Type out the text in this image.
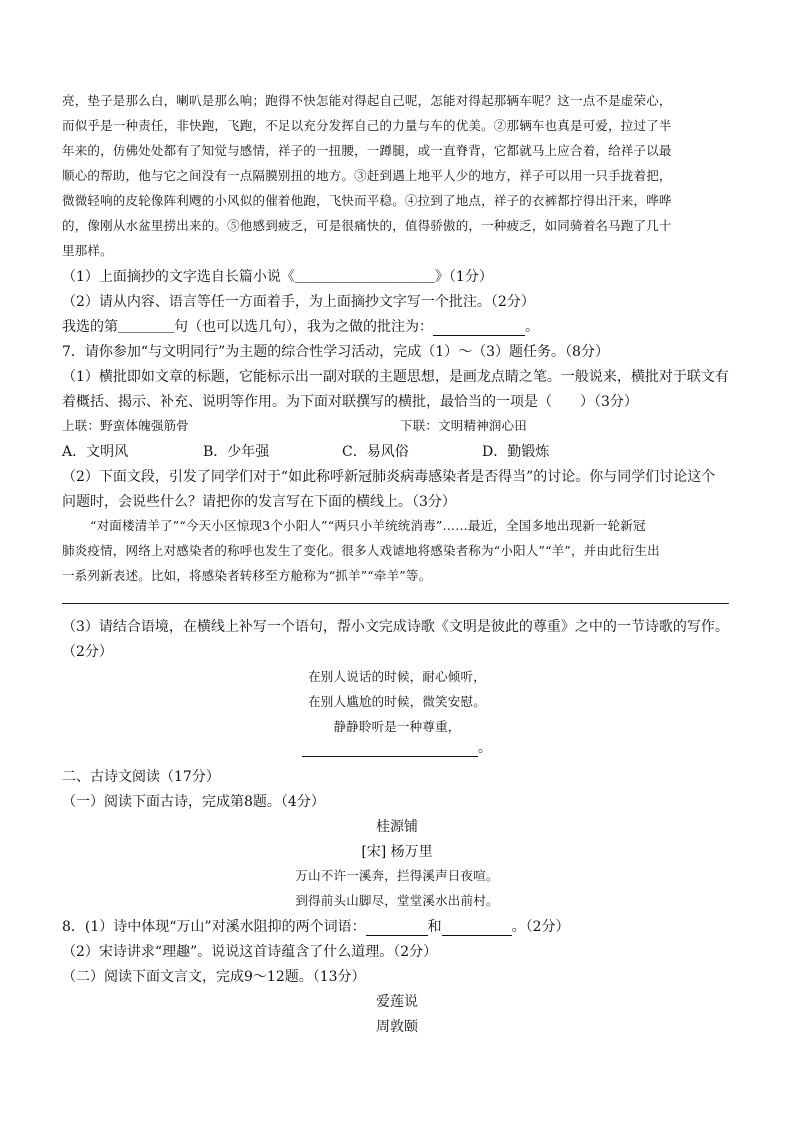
亮，垫子是那么白，喇叭是那么响；跑得不快怎能对得起自己呢，怎能对得起那辆车呢？这一点不是虚荣心，
而似乎是一种责任，非快跑，飞跑，不足以充分发挥自己的力量与车的优美。②那辆车也真是可爱，拉过了半
年来的，仿佛处处都有了知觉与感情，祥子的一扭腰，一蹲腿，或一直脊背，它都就马上应合着，给祥子以最
顺心的帮助，他与它之间没有一点隔膜别扭的地方。③赶到遇上地平人少的地方，祥子可以用一只手拢着把，
微微轻响的皮轮像阵利飕的小风似的催着他跑，飞快而平稳。④拉到了地点，祥子的衣裤都拧得出汗来，哗哗
的，像刚从水盆里捞出来的。⑤他感到疲乏，可是很痛快的，值得骄傲的，一种疲乏，如同骑着名马跑了几十
里那样。
（1）上面摘抄的文字选自长篇小说《＿＿＿＿＿＿＿＿＿＿》（1分）
（2）请从内容、语言等任一方面着手，为上面摘抄文字写一个批注。（2分）
我选的第＿＿＿＿句（也可以选几句），我为之做的批注为：	。
7．请你参加“与文明同行”为主题的综合性学习活动，完成（1）～（3）题任务。（8分）
（1）横批即如文章的标题，它能标示出一副对联的主题思想，是画龙点睛之笔。一般说来，横批对于联文有
着概括、揭示、补充、说明等作用。为下面对联撰写的横批，最恰当的一项是（　　）（3分）
上联：野蛮体魄强筋骨	下联：文明精神润心田
A．文明风	B．少年强	C．易风俗	D．勤锻炼
（2）下面文段，引发了同学们对于“如此称呼新冠肺炎病毒感染者是否得当”的讨论。你与同学们讨论这个
问题时，会说些什么？请把你的发言写在下面的横线上。（3分）
“对面楼清羊了”“今天小区惊现3个小阳人”“两只小羊统统消毒”……最近，全国多地出现新一轮新冠
肺炎疫情，网络上对感染者的称呼也发生了变化。很多人戏谑地将感染者称为“小阳人”“羊”，并由此衍生出
一系列新表述。比如，将感染者转移至方舱称为“抓羊”“牵羊”等。
（3）请结合语境，在横线上补写一个语句，帮小文完成诗歌《文明是彼此的尊重》之中的一节诗歌的写作。
（2分）
在别人说话的时候，耐心倾听，
在别人尴尬的时候，微笑安慰。
静静聆听是一种尊重，
。
二、古诗文阅读（17分）
（一）阅读下面古诗，完成第8题。（4分）
桂源铺
[宋] 杨万里
万山不许一溪奔，拦得溪声日夜喧。
到得前头山脚尽，堂堂溪水出前村。
8．(1）诗中体现“万山”对溪水阻抑的两个词语：	和	。（2分）
（2）宋诗讲求“理趣”。说说这首诗蕴含了什么道理。（2分）
（二）阅读下面文言文，完成9～12题。（13分）
爱莲说
周敦颐
